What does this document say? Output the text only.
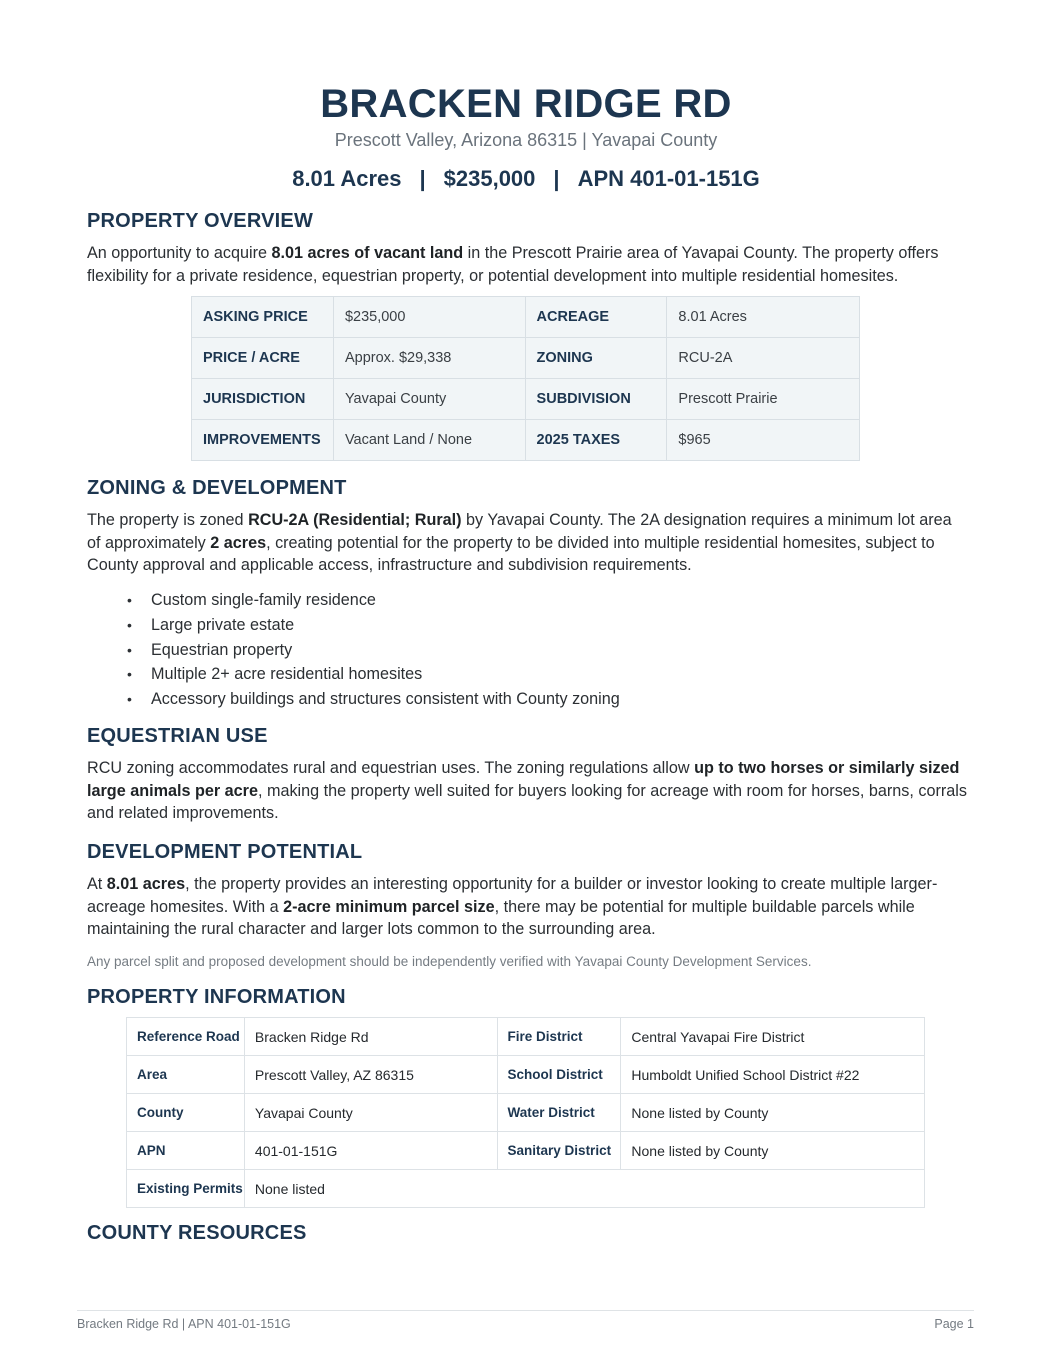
BRACKEN RIDGE RD
Prescott Valley, Arizona 86315 | Yavapai County
8.01 Acres | $235,000 | APN 401-01-151G
PROPERTY OVERVIEW

An opportunity to acquire 8.01 acres of vacant land in the Prescott Prairie area of Yavapai County. The property offers flexibility for a private residence, equestrian property, or potential development into multiple residential homesites.

ASKING PRICE	$235,000	ACREAGE	8.01 Acres
PRICE / ACRE	Approx. $29,338	ZONING	RCU-2A
JURISDICTION	Yavapai County	SUBDIVISION	Prescott Prairie
IMPROVEMENTS	Vacant Land / None	2025 TAXES	$965
ZONING & DEVELOPMENT

The property is zoned RCU-2A (Residential; Rural) by Yavapai County. The 2A designation requires a minimum lot area of approximately 2 acres, creating potential for the property to be divided into multiple residential homesites, subject to County approval and applicable access, infrastructure and subdivision requirements.

• Custom single-family residence
• Large private estate
• Equestrian property
• Multiple 2+ acre residential homesites
• Accessory buildings and structures consistent with County zoning
EQUESTRIAN USE

RCU zoning accommodates rural and equestrian uses. The zoning regulations allow up to two horses or similarly sized large animals per acre, making the property well suited for buyers looking for acreage with room for horses, barns, corrals and related improvements.

DEVELOPMENT POTENTIAL

At 8.01 acres, the property provides an interesting opportunity for a builder or investor looking to create multiple larger-acreage homesites. With a 2-acre minimum parcel size, there may be potential for multiple buildable parcels while maintaining the rural character and larger lots common to the surrounding area.

Any parcel split and proposed development should be independently verified with Yavapai County Development Services.

PROPERTY INFORMATION
Reference Road	Bracken Ridge Rd	Fire District	Central Yavapai Fire District
Area	Prescott Valley, AZ 86315	School District	Humboldt Unified School District #22
County	Yavapai County	Water District	None listed by County
APN	401-01-151G	Sanitary District	None listed by County
Existing Permits	None listed		
COUNTY RESOURCES
Bracken Ridge Rd | APN 401-01-151G	Page 1
